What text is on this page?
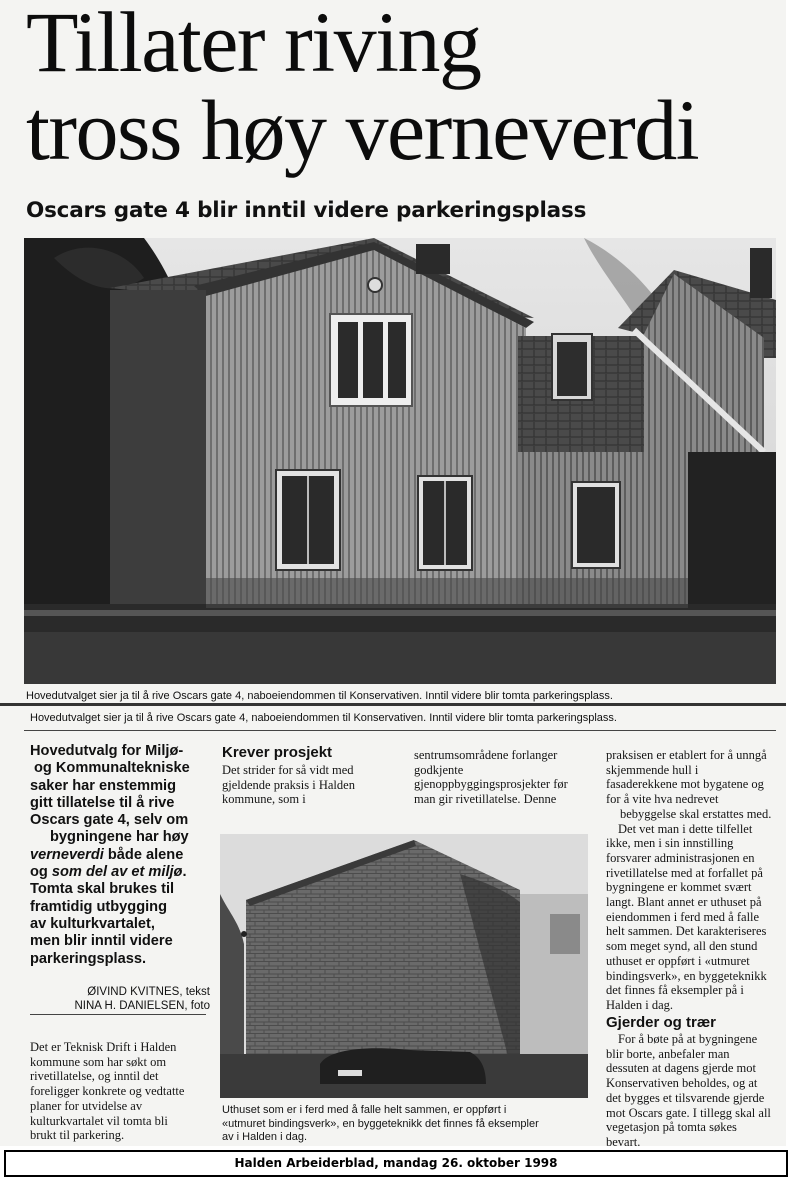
Tillater riving
tross høy verneverdi
Oscars gate 4 blir inntil videre parkeringsplass
Hovedutvalget sier ja til å rive Oscars gate 4, naboeiendommen til Konservativen. Inntil videre blir tomta parkeringsplass.
Hovedutvalget sier ja til å rive Oscars gate 4, naboeiendommen til Konservativen. Inntil videre blir tomta parkeringsplass.
Hovedutvalg for Miljø-
og Kommunaltekniske
saker har enstemmig
gitt tillatelse til å rive
Oscars gate 4, selv om
bygningene har høy
verneverdi både alene
og som del av et miljø.
Tomta skal brukes til
framtidig utbygging
av kulturkvartalet,
men blir inntil videre
parkeringsplass.
ØIVIND KVITNES, tekst
NINA H. DANIELSEN, foto

Det er Teknisk Drift i Halden

kommune som har søkt om

rivetillatelse, og inntil det

foreligger konkrete og vedtatte

planer for utvidelse av

kulturkvartalet vil tomta bli

brukt til parkering.

Krever prosjekt

Det strider for så vidt med

gjeldende praksis i Halden

kommune, som i

sentrumsområdene forlanger

godkjente

gjenoppbyggingsprosjekter før

man gir rivetillatelse. Denne

Uthuset som er i ferd med å falle helt sammen, er oppført i

«utmuret bindingsverk», en byggeteknikk det finnes få eksempler

av i Halden i dag.

praksisen er etablert for å unngå

skjemmende hull i

fasaderekkene mot bygatene og

for å vite hva nedrevet

bebyggelse skal erstattes med.

Det vet man i dette tilfellet

ikke, men i sin innstilling

forsvarer administrasjonen en

rivetillatelse med at forfallet på

bygningene er kommet svært

langt. Blant annet er uthuset på

eiendommen i ferd med å falle

helt sammen. Det karakteriseres

som meget synd, all den stund

uthuset er oppført i «utmuret

bindingsverk», en byggeteknikk

det finnes få eksempler på i

Halden i dag.

Gjerder og trær

For å bøte på at bygningene

blir borte, anbefaler man

dessuten at dagens gjerde mot

Konservativen beholdes, og at

det bygges et tilsvarende gjerde

mot Oscars gate. I tillegg skal all

vegetasjon på tomta søkes

bevart.

Halden Arbeiderblad, mandag 26. oktober 1998
